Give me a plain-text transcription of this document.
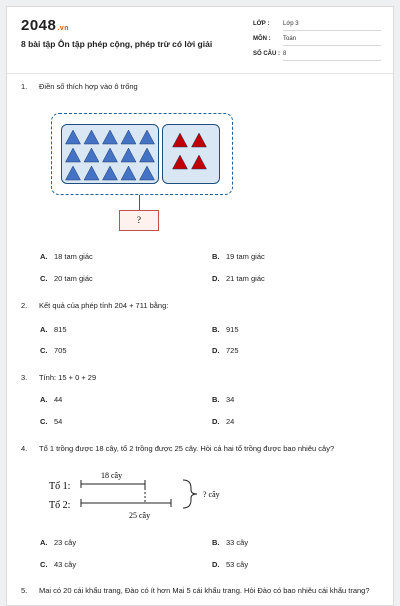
2048.vn
8 bài tập Ôn tập phép cộng, phép trừ có lời giải
LỚP : Lớp 3
MÔN : Toán
SỐ CÂU : 8
1. Điền số thích hợp vào ô trống
?
A. 18 tam giác	B. 19 tam giác
C. 20 tam giác	D. 21 tam giác
2. Kết quả của phép tính 204 + 711 bằng:
A. 815	B. 915
C. 705	D. 725
3. Tính: 15 + 0 + 29
A. 44	B. 34
C. 54	D. 24
4. Tổ 1 trồng được 18 cây, tổ 2 trồng được 25 cây. Hỏi cả hai tổ trồng được bao nhiêu cây?
Tổ 1:
Tổ 2:
18 cây
25 cây
? cây
A. 23 cây	B. 33 cây
C. 43 cây	D. 53 cây
5. Mai có 20 cái khẩu trang, Đào có ít hơn Mai 5 cái khẩu trang. Hỏi Đào có bao nhiêu cái khẩu trang?
